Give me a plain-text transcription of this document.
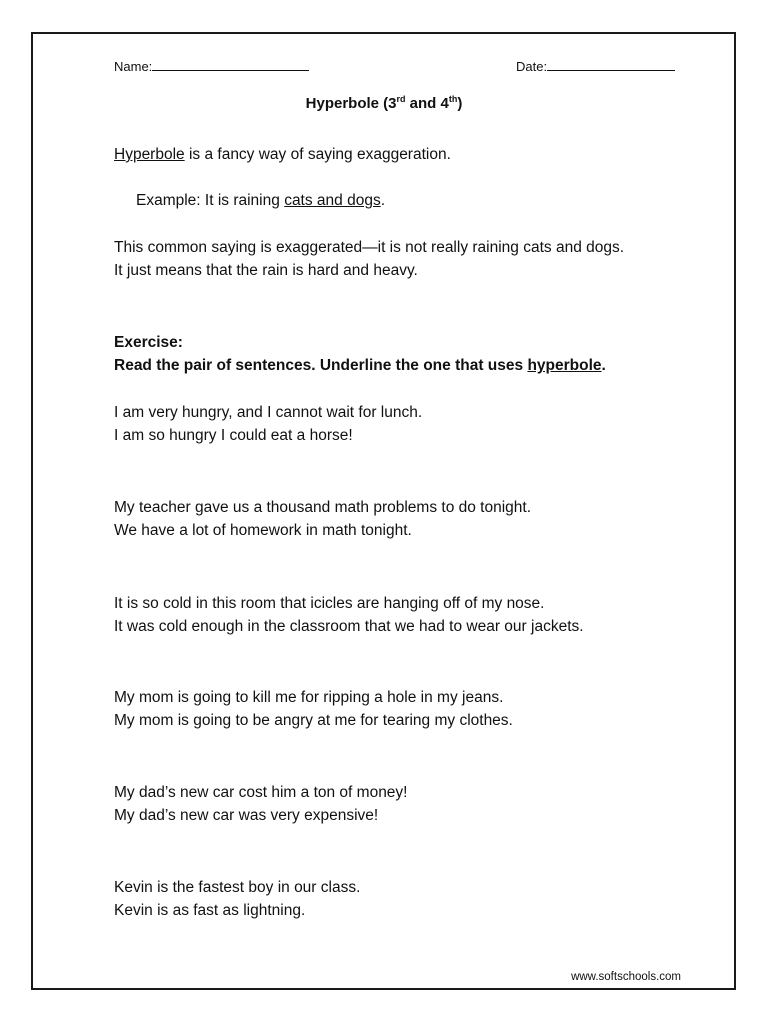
Name:	Date:
Hyperbole (3rd and 4th)
Hyperbole is a fancy way of saying exaggeration.
Example: It is raining cats and dogs.
This common saying is exaggerated—it is not really raining cats and dogs.
It just means that the rain is hard and heavy.
Exercise:
Read the pair of sentences. Underline the one that uses hyperbole.
I am very hungry, and I cannot wait for lunch.
I am so hungry I could eat a horse!
My teacher gave us a thousand math problems to do tonight.
We have a lot of homework in math tonight.
It is so cold in this room that icicles are hanging off of my nose.
It was cold enough in the classroom that we had to wear our jackets.
My mom is going to kill me for ripping a hole in my jeans.
My mom is going to be angry at me for tearing my clothes.
My dad’s new car cost him a ton of money!
My dad’s new car was very expensive!
Kevin is the fastest boy in our class.
Kevin is as fast as lightning.
www.softschools.com
